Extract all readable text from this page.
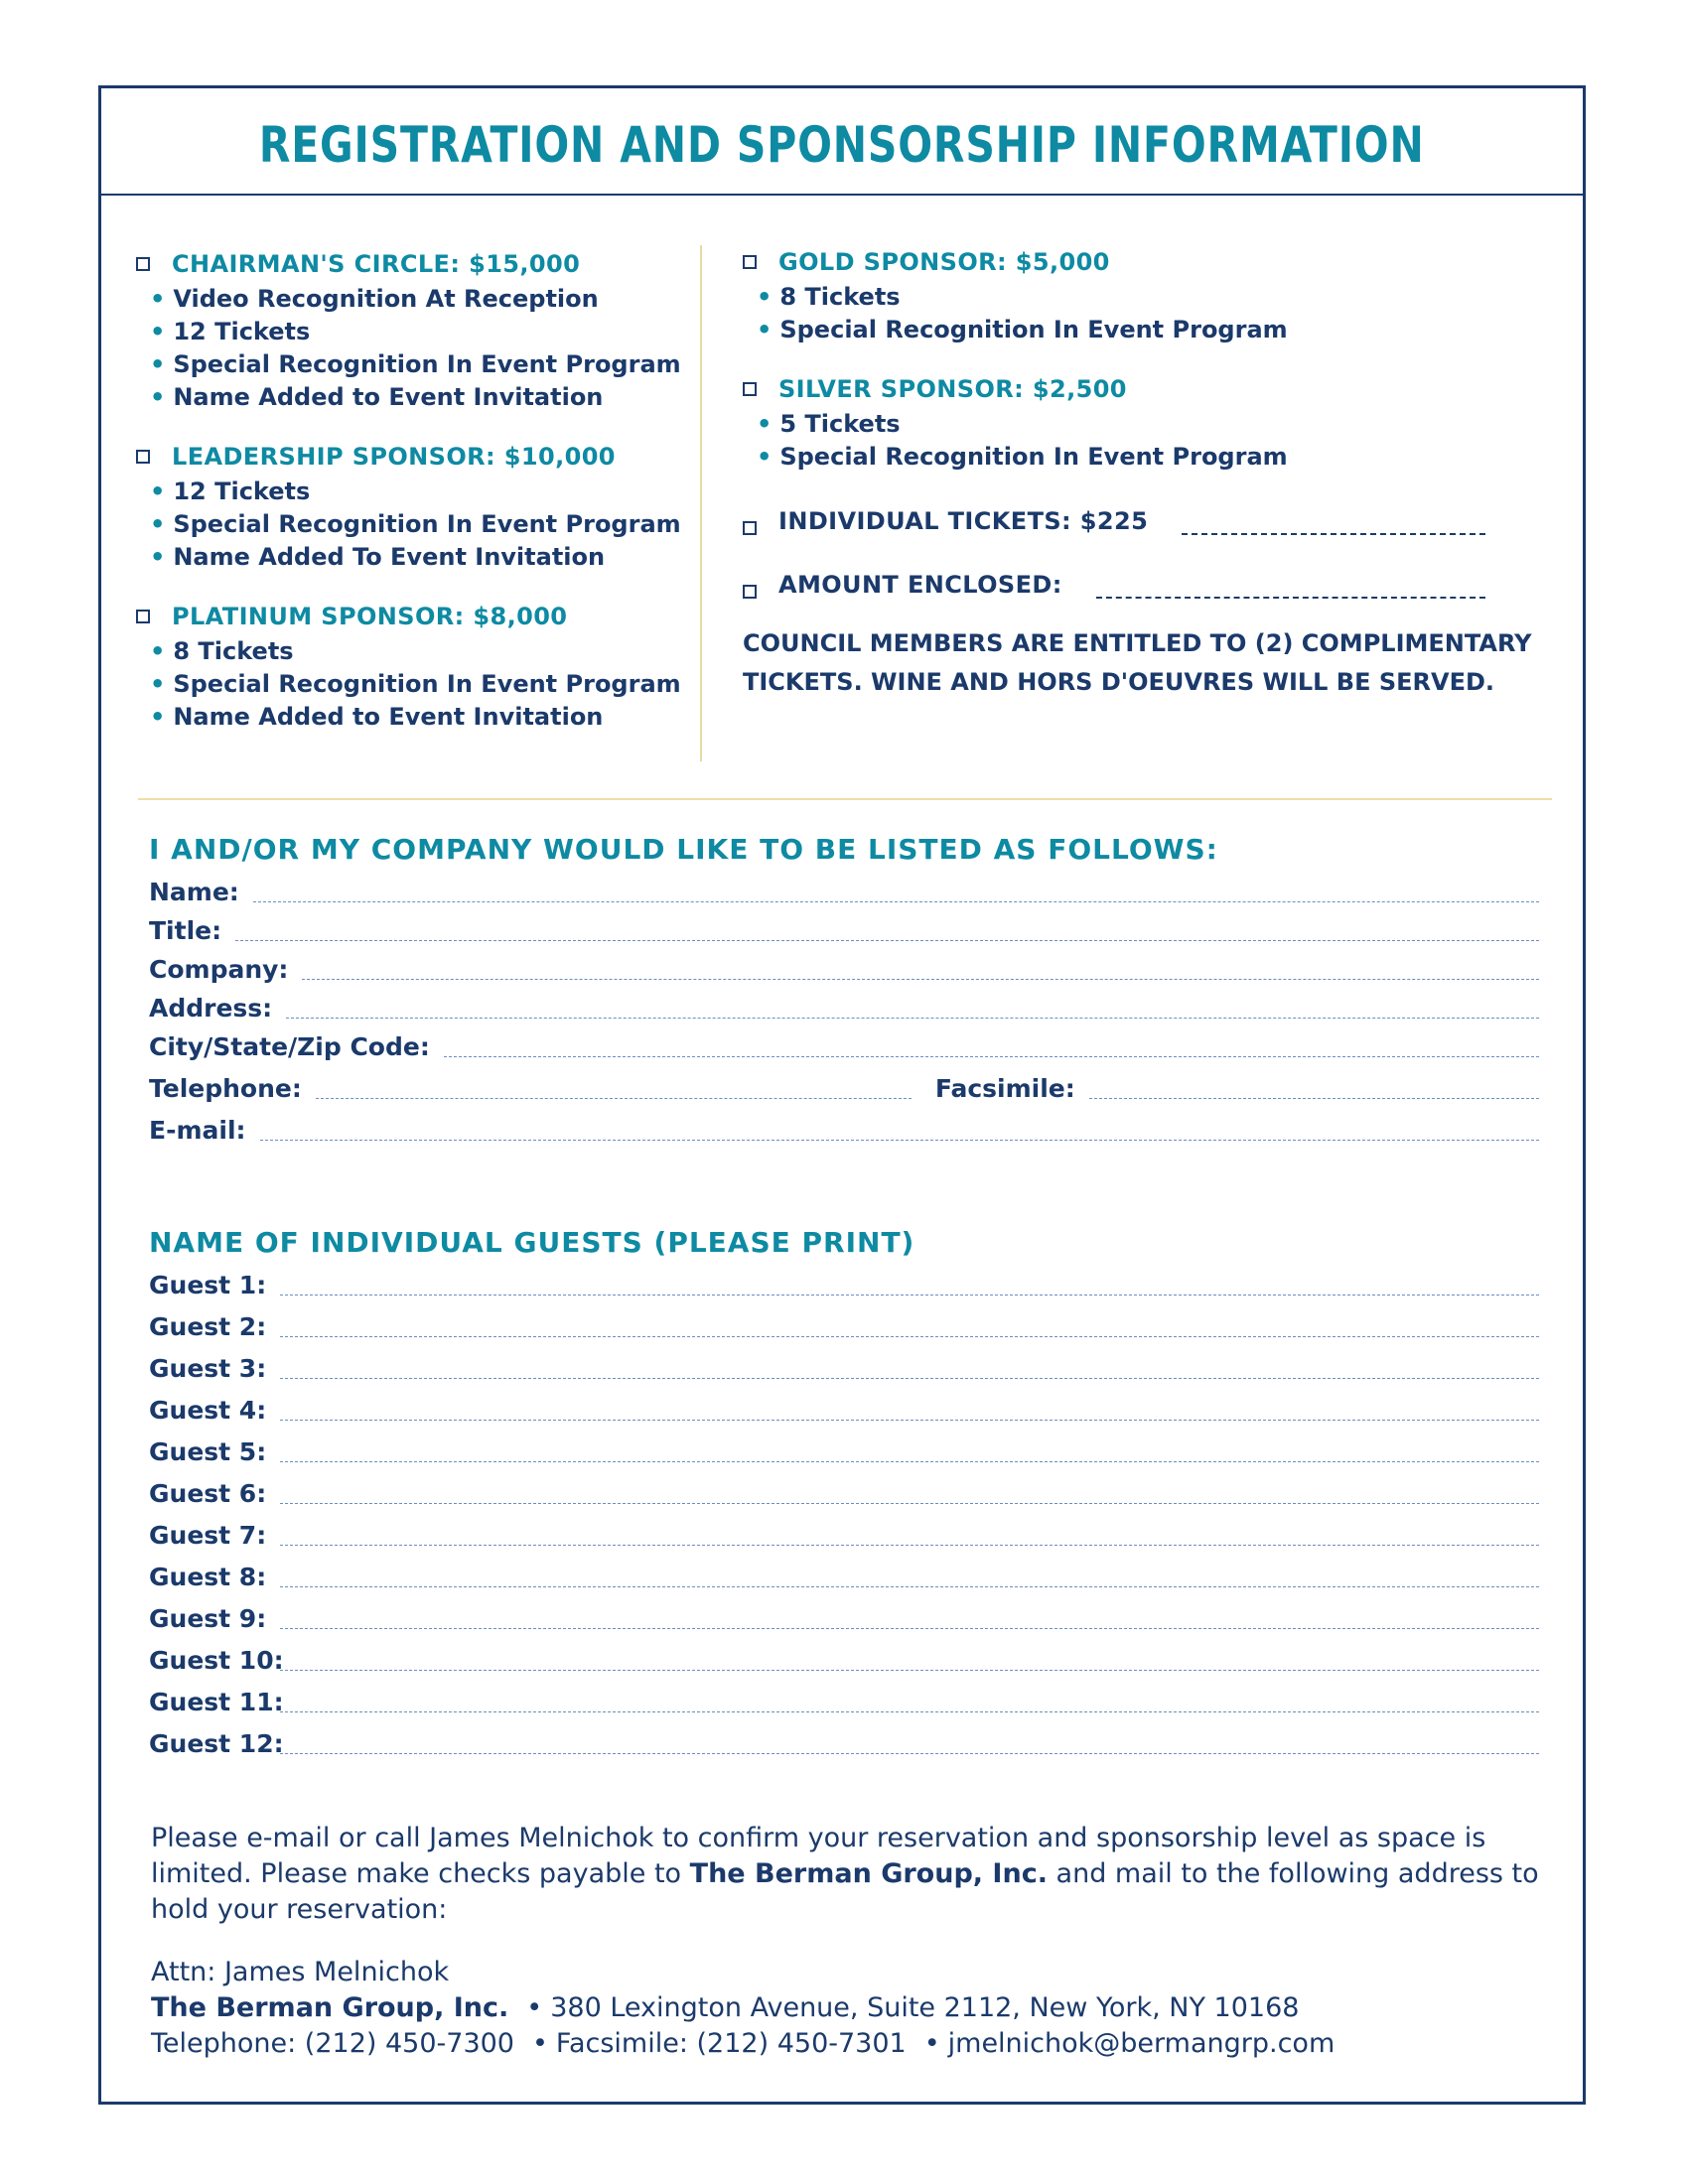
REGISTRATION AND SPONSORSHIP INFORMATION
CHAIRMAN'S CIRCLE: $15,000
• Video Recognition At Reception
• 12 Tickets
• Special Recognition In Event Program
• Name Added to Event Invitation
LEADERSHIP SPONSOR: $10,000
• 12 Tickets
• Special Recognition In Event Program
• Name Added To Event Invitation
PLATINUM SPONSOR: $8,000
• 8 Tickets
• Special Recognition In Event Program
• Name Added to Event Invitation
GOLD SPONSOR: $5,000
• 8 Tickets
• Special Recognition In Event Program
SILVER SPONSOR: $2,500
• 5 Tickets
• Special Recognition In Event Program
INDIVIDUAL TICKETS: $225
AMOUNT ENCLOSED:
COUNCIL MEMBERS ARE ENTITLED TO (2) COMPLIMENTARY
TICKETS. WINE AND HORS D'OEUVRES WILL BE SERVED.
I AND/OR MY COMPANY WOULD LIKE TO BE LISTED AS FOLLOWS:
Name:
Title:
Company:
Address:
City/State/Zip Code:
Telephone:	Facsimile:
E-mail:
NAME OF INDIVIDUAL GUESTS (PLEASE PRINT)
Guest 1:
Guest 2:
Guest 3:
Guest 4:
Guest 5:
Guest 6:
Guest 7:
Guest 8:
Guest 9:
Guest 10:
Guest 11:
Guest 12:
Please e-mail or call James Melnichok to confirm your reservation and sponsorship level as space is limited. Please make checks payable to The Berman Group, Inc. and mail to the following address to hold your reservation:
Attn: James Melnichok
The Berman Group, Inc. • 380 Lexington Avenue, Suite 2112, New York, NY 10168
Telephone: (212) 450-7300 • Facsimile: (212) 450-7301 • jmelnichok@bermangrp.com
